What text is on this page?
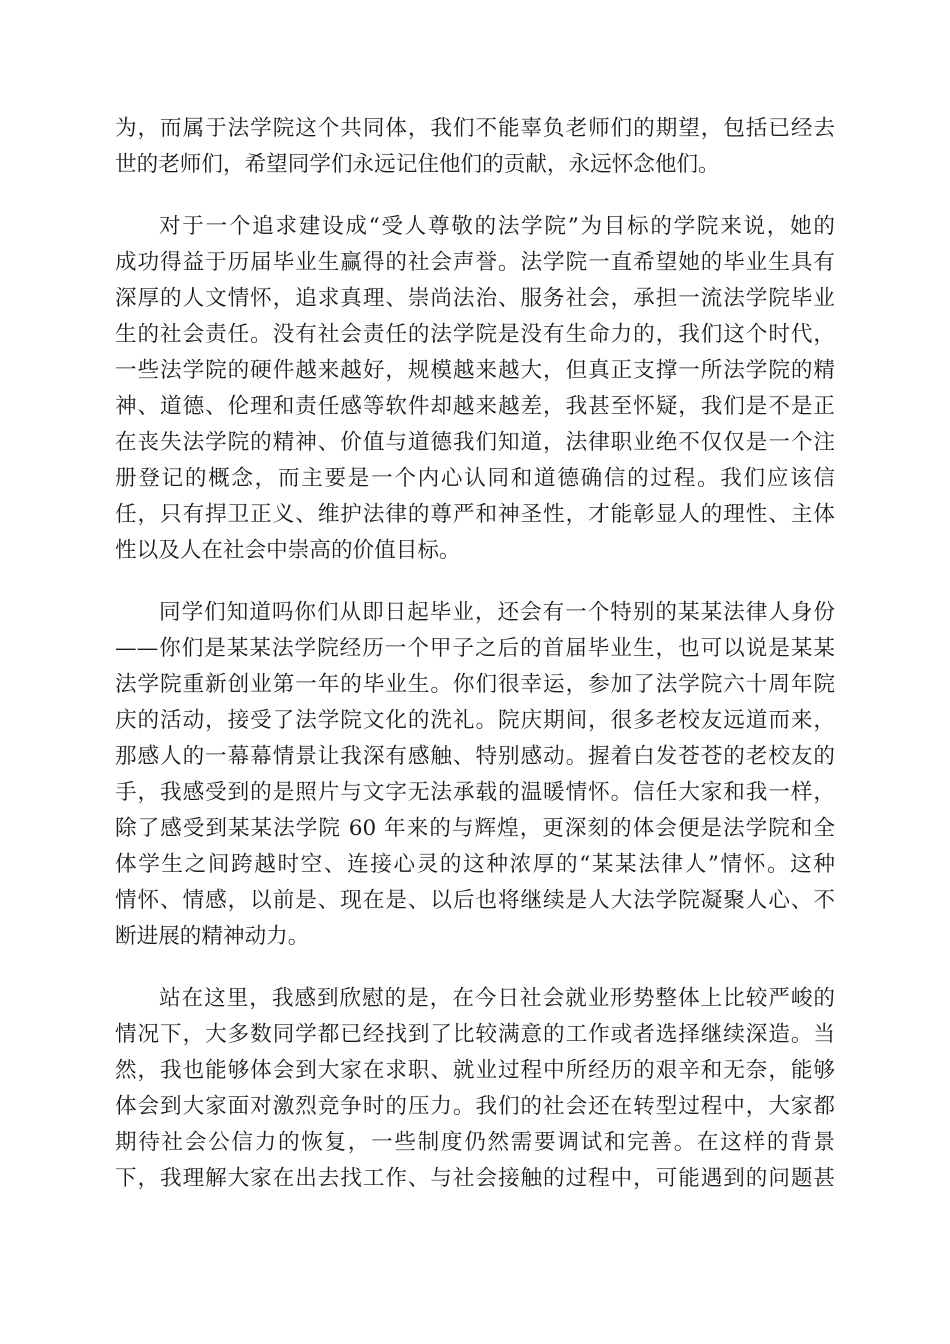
为，而属于法学院这个共同体，我们不能辜负老师们的期望，包括已经去
世的老师们，希望同学们永远记住他们的贡献，永远怀念他们。
对于一个追求建设成“受人尊敬的法学院”为目标的学院来说，她的
成功得益于历届毕业生赢得的社会声誉。法学院一直希望她的毕业生具有
深厚的人文情怀，追求真理、崇尚法治、服务社会，承担一流法学院毕业
生的社会责任。没有社会责任的法学院是没有生命力的，我们这个时代，
一些法学院的硬件越来越好，规模越来越大，但真正支撑一所法学院的精
神、道德、伦理和责任感等软件却越来越差，我甚至怀疑，我们是不是正
在丧失法学院的精神、价值与道德我们知道，法律职业绝不仅仅是一个注
册登记的概念，而主要是一个内心认同和道德确信的过程。我们应该信
任，只有捍卫正义、维护法律的尊严和神圣性，才能彰显人的理性、主体
性以及人在社会中崇高的价值目标。
同学们知道吗你们从即日起毕业，还会有一个特别的某某法律人身份
——你们是某某法学院经历一个甲子之后的首届毕业生，也可以说是某某
法学院重新创业第一年的毕业生。你们很幸运，参加了法学院六十周年院
庆的活动，接受了法学院文化的洗礼。院庆期间，很多老校友远道而来，
那感人的一幕幕情景让我深有感触、特别感动。握着白发苍苍的老校友的
手，我感受到的是照片与文字无法承载的温暖情怀。信任大家和我一样，
除了感受到某某法学院 60 年来的与辉煌，更深刻的体会便是法学院和全
体学生之间跨越时空、连接心灵的这种浓厚的“某某法律人”情怀。这种
情怀、情感，以前是、现在是、以后也将继续是人大法学院凝聚人心、不
断进展的精神动力。
站在这里，我感到欣慰的是，在今日社会就业形势整体上比较严峻的
情况下，大多数同学都已经找到了比较满意的工作或者选择继续深造。当
然，我也能够体会到大家在求职、就业过程中所经历的艰辛和无奈，能够
体会到大家面对激烈竞争时的压力。我们的社会还在转型过程中，大家都
期待社会公信力的恢复，一些制度仍然需要调试和完善。在这样的背景
下，我理解大家在出去找工作、与社会接触的过程中，可能遇到的问题甚
